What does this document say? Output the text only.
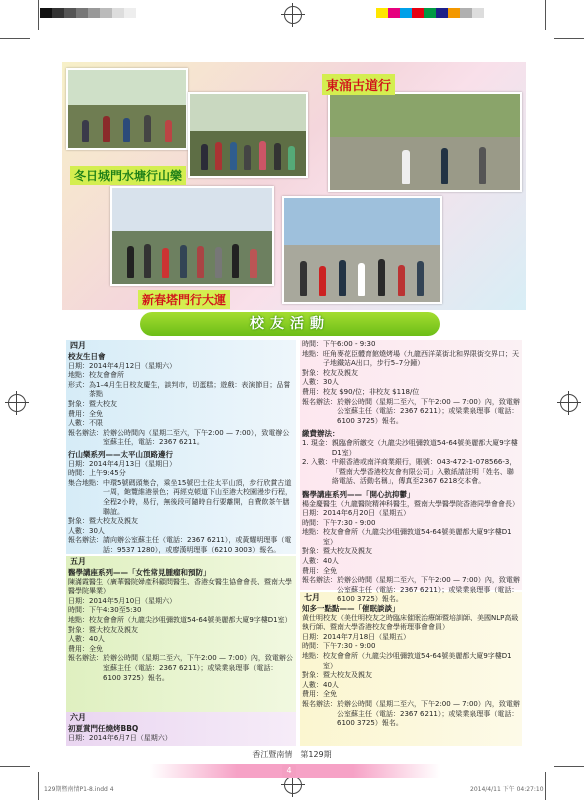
東涌古道行
冬日城門水塘行山樂
新春塔門行大運
校友活動
四月
校友生日會
日期： 2014年4月12日（星期六）
地點： 校友會會所
形式： 為1–4月生日校友慶生，談判市，切蛋糕；遊戲：表演節目；品嘗茶點
對象： 暨大校友
費用： 全免
人數： 不限
報名辦法： 於辦公時間內（星期二至六，下午2:00 — 7:00），致電辦公室蘇主任，電話：2367 6211。
行山樂系列——太平山頂路邊行
日期： 2014年4月13日（星期日）
時間： 上午9:45分
集合地點： 中環5號碼頭集合，乘坐15號巴士往太平山頂，步行欣賞古道一周，飽覽維港景色；再經克頓道下山至港大校園漫步行程，全程2小時，易行，無後段可隨時自行要離開，自費飲茶午膳聯誼。
對象： 暨大校友及親友
人數： 30人
報名辦法： 請向辦公室蘇主任（電話：2367 6211），或黃耀明理事（電話：9537 1280），或廖漢明理事（6210 3003）報名。
五月
醫學講座系列——「女性常見腫瘤和預防」
陳滿霞醫生（廣華醫院婦產科顧問醫生、香港女醫生協會會長、暨南大學醫學院畢業）
日期： 2014年5月10日（星期六）
時間： 下午4:30至5:30
地點： 校友會會所（九龍尖沙咀彌敦道54-64號美麗都大廈9字樓D1室）
對象： 暨大校友及親友
人數： 40人
費用： 全免
報名辦法： 於辦公時間（星期二至六，下午2:00 — 7:00）內，致電辦公室蘇主任（電話：2367 6211）；或梁業泉理事（電話：6100 3725）報名。
六月
初夏賞門任燒烤BBQ
日期： 2014年6月7日（星期六）
時間： 下午6:00 - 9:30
地點： 旺角麥花臣體育館燒烤場（九龍西洋菜街北和界限街交界口；天子地鐵站A出口，步行5–7分鐘）
對象： 校友及親友
人數： 30人
費用： 校友 $90/位；非校友 $118/位
報名辦法： 於辦公時間（星期二至六，下午2:00 — 7:00）內，致電辦公室蘇主任（電話：2367 6211）；或梁業泉理事（電話：6100 3725）報名。
繳費辦法：
1. 現金： 親臨會所繳交（九龍尖沙咀彌敦道54-64號美麗都大廈9字樓D1室）
2. 入數： 中銀香港或南洋商業銀行，賬號：043-472-1-078566-3，「暨南大學香港校友會有限公司」入數紙請註明「姓名、聯絡電話、活動名稱」，傳真至2367 6218交本會。
醫學講座系列——「開心抗抑鬱」
楊金慶醫生（九龍醫院精神科醫生，暨南大學醫學院香港同學會會長）
日期： 2014年6月20日（星期五）
時間： 下午7:30 - 9:00
地點： 校友會會所（九龍尖沙咀彌敦道54-64號美麗都大廈9字樓D1室）
對象： 暨大校友及親友
人數： 40人
費用： 全免
報名辦法： 於辦公時間（星期二至六，下午2:00 — 7:00）內，致電辦公室蘇主任（電話：2367 6211）；或梁業泉理事（電話：6100 3725）報名。
七月
知多一點點——「催眠談談」
黄仕明校友（美仕明校友之時臨床催眠治療師暨培訓師、美國NLP高級執行師、暨南大學香港校友會學術理事會會員）
日期： 2014年7月18日（星期五）
時間： 下午7:30 - 9:00
地點： 校友會會所（九龍尖沙咀彌敦道54-64號美麗都大廈9字樓D1室）
對象： 暨大校友及親友
人數： 40人
費用： 全免
報名辦法： 於辦公時間（星期二至六，下午2:00 — 7:00）內，致電辦公室蘇主任（電話：2367 6211）；或梁業泉理事（電話：6100 3725）報名。
香江暨南情　第129期
4
129期暨南情P1-8.indd 4	2014/4/11 下午 04:27:10
